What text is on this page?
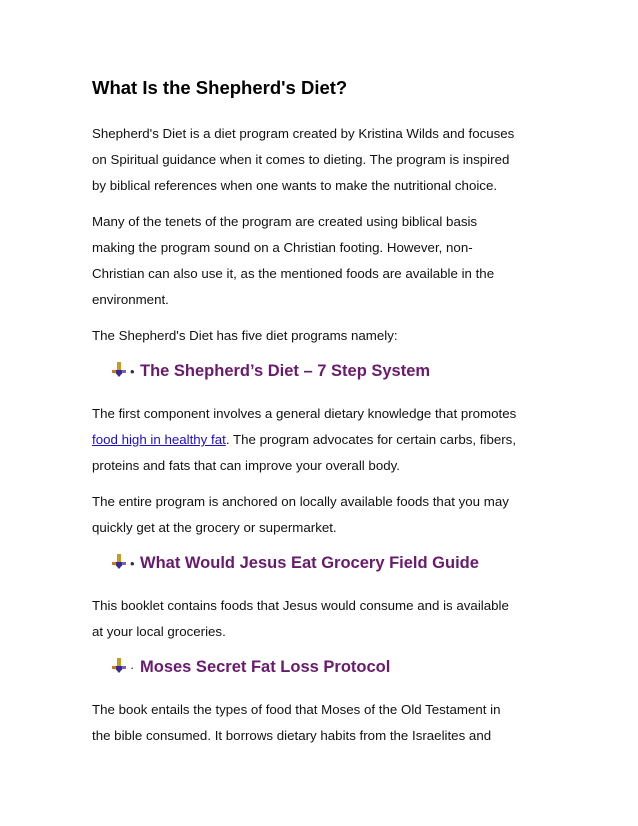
What Is the Shepherd's Diet?

Shepherd's Diet is a diet program created by Kristina Wilds and focuses
on Spiritual guidance when it comes to dieting. The program is inspired
by biblical references when one wants to make the nutritional choice.

Many of the tenets of the program are created using biblical basis
making the program sound on a Christian footing. However, non-
Christian can also use it, as the mentioned foods are available in the
environment.

The Shepherd's Diet has five diet programs namely:

• The Shepherd’s Diet – 7 Step System

The first component involves a general dietary knowledge that promotes
food high in healthy fat. The program advocates for certain carbs, fibers,
proteins and fats that can improve your overall body.

The entire program is anchored on locally available foods that you may
quickly get at the grocery or supermarket.

• What Would Jesus Eat Grocery Field Guide

This booklet contains foods that Jesus would consume and is available
at your local groceries.

· Moses Secret Fat Loss Protocol

The book entails the types of food that Moses of the Old Testament in
the bible consumed. It borrows dietary habits from the Israelites and
